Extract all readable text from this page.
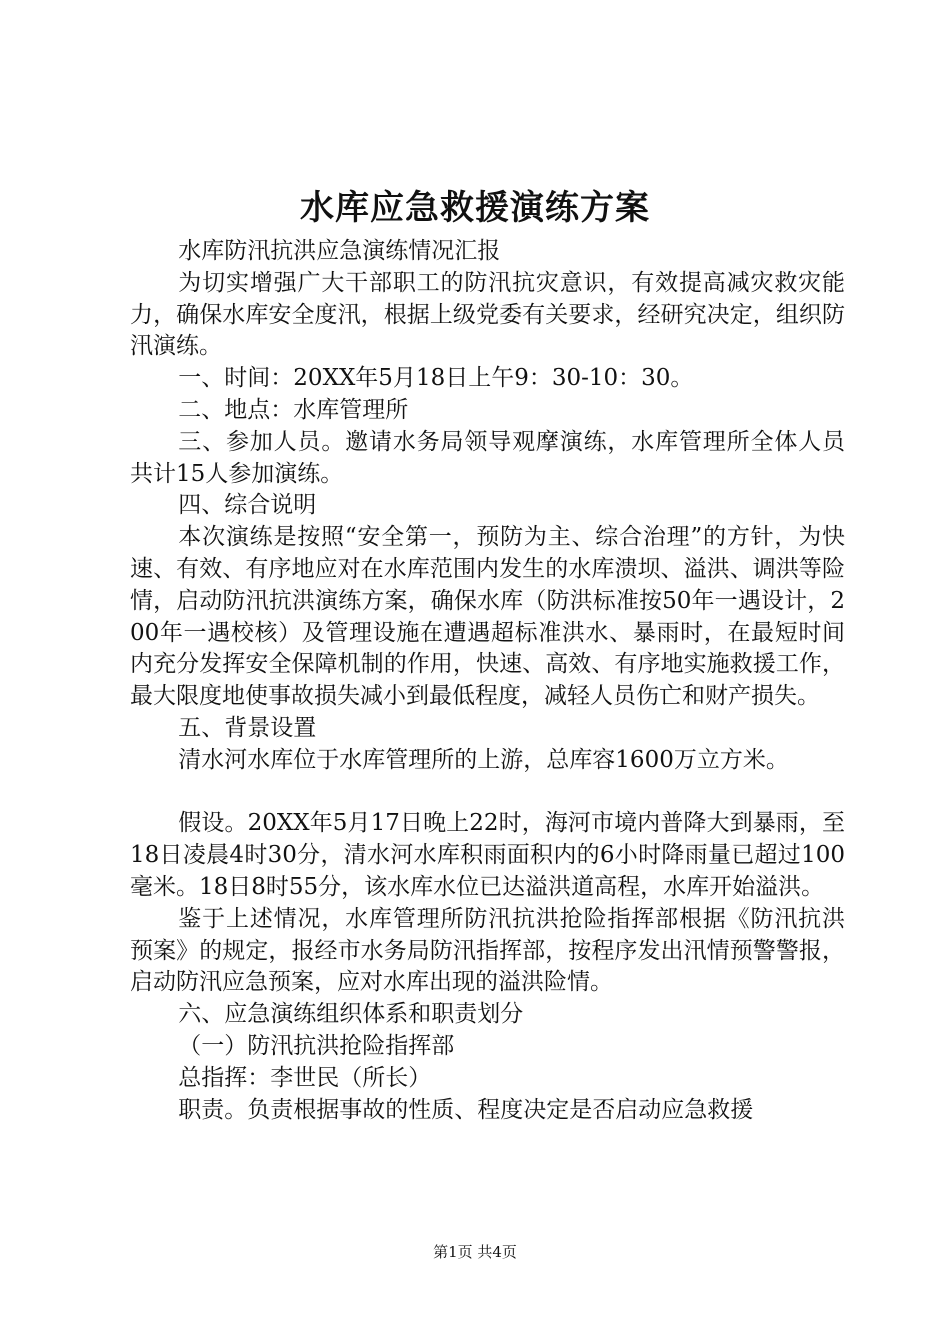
水库应急救援演练方案

水库防汛抗洪应急演练情况汇报

为切实增强广大干部职工的防汛抗灾意识，有效提高减灾救灾能力，确保水库安全度汛，根据上级党委有关要求，经研究决定，组织防汛演练。

一、时间：20XX年5月18日上午9：30-10：30。

二、地点：水库管理所

三、参加人员。邀请水务局领导观摩演练，水库管理所全体人员共计15人参加演练。

四、综合说明

本次演练是按照“安全第一，预防为主、综合治理”的方针，为快速、有效、有序地应对在水库范围内发生的水库溃坝、溢洪、调洪等险情，启动防汛抗洪演练方案，确保水库（防洪标准按50年一遇设计，200年一遇校核）及管理设施在遭遇超标准洪水、暴雨时，在最短时间内充分发挥安全保障机制的作用，快速、高效、有序地实施救援工作，最大限度地使事故损失减小到最低程度，减轻人员伤亡和财产损失。

五、背景设置

清水河水库位于水库管理所的上游，总库容1600万立方米。

假设。20XX年5月17日晚上22时，海河市境内普降大到暴雨，至18日凌晨4时30分，清水河水库积雨面积内的6小时降雨量已超过100毫米。18日8时55分，该水库水位已达溢洪道高程，水库开始溢洪。

鉴于上述情况，水库管理所防汛抗洪抢险指挥部根据《防汛抗洪预案》的规定，报经市水务局防汛指挥部，按程序发出汛情预警警报，启动防汛应急预案，应对水库出现的溢洪险情。

六、应急演练组织体系和职责划分

（一）防汛抗洪抢险指挥部

总指挥：李世民（所长）

职责。负责根据事故的性质、程度决定是否启动应急救援

第1页 共4页
